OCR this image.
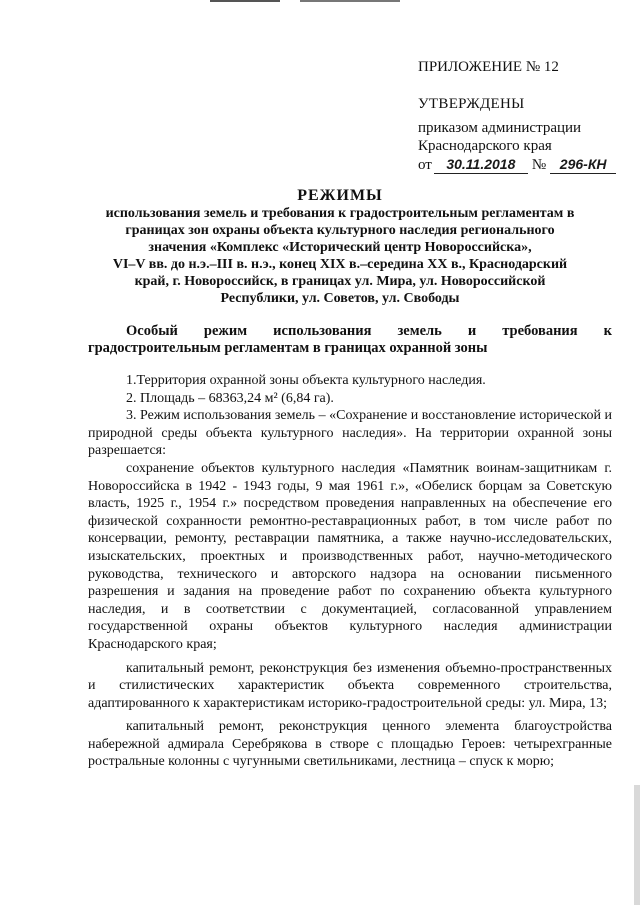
ПРИЛОЖЕНИЕ № 12
УТВЕРЖДЕНЫ
приказом администрации
Краснодарского края
от	30.11.2018	№ 296-КН
РЕЖИМЫ
использования земель и требования к градостроительным регламентам в
границах зон охраны объекта культурного наследия регионального
значения «Комплекс «Исторический центр Новороссийска»,
VI–V вв. до н.э.–III в. н.э., конец XIX в.–середина XX в., Краснодарский
край, г. Новороссийск, в границах ул. Мира, ул. Новороссийской
Республики, ул. Советов, ул. Свободы
Особый режим использования земель и требования к градостроительным регламентам в границах охранной зоны

1.Территория охранной зоны объекта культурного наследия.

2. Площадь – 68363,24 м² (6,84 га).

3. Режим использования земель – «Сохранение и восстановление исторической и природной среды объекта культурного наследия». На территории охранной зоны разрешается:

сохранение объектов культурного наследия «Памятник воинам-защитникам г. Новороссийска в 1942 - 1943 годы, 9 мая 1961 г.», «Обелиск борцам за Советскую власть, 1925 г., 1954 г.» посредством проведения направленных на обеспечение его физической сохранности ремонтно-реставрационных работ, в том числе работ по консервации, ремонту, реставрации памятника, а также научно-исследовательских, изыскательских, проектных и производственных работ, научно-методического руководства, технического и авторского надзора на основании письменного разрешения и задания на проведение работ по сохранению объекта культурного наследия, и в соответствии с документацией, согласованной управлением государственной охраны объектов культурного наследия администрации Краснодарского края;

капитальный ремонт, реконструкция без изменения объемно-пространственных и стилистических характеристик объекта современного строительства, адаптированного к характеристикам историко-градостроительной среды: ул. Мира, 13;

капитальный ремонт, реконструкция ценного элемента благоустройства набережной адмирала Серебрякова в створе с площадью Героев: четырехгранные ростральные колонны с чугунными светильниками, лестница – спуск к морю;
